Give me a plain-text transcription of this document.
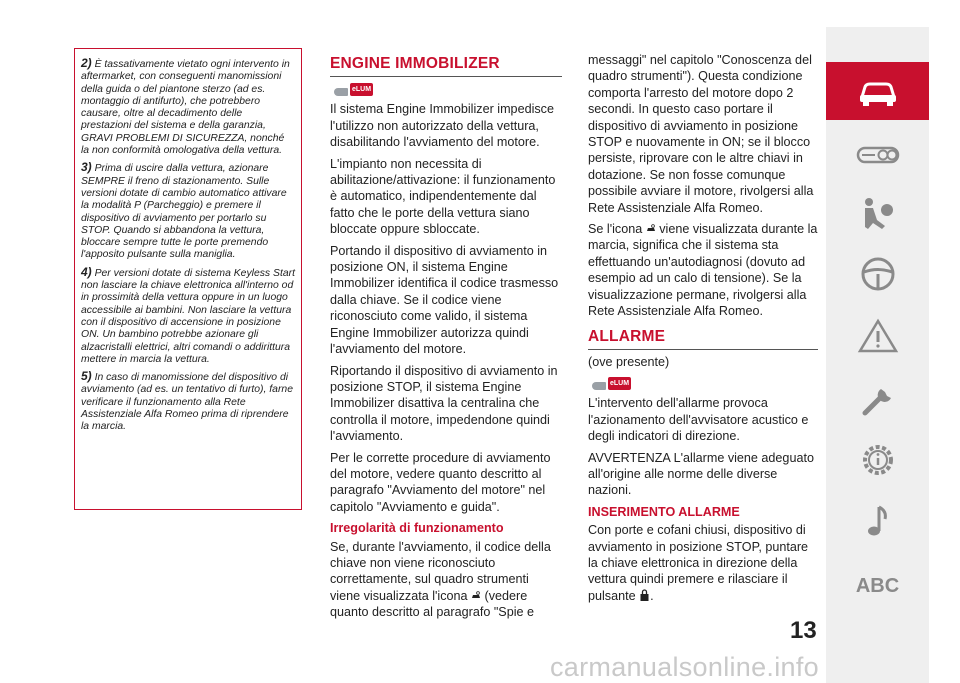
2) È tassativamente vietato ogni intervento in aftermarket, con conseguenti manomissioni della guida o del piantone sterzo (ad es. montaggio di antifurto), che potrebbero causare, oltre al decadimento delle prestazioni del sistema e della garanzia, GRAVI PROBLEMI DI SICUREZZA, nonché la non conformità omologativa della vettura.

3) Prima di uscire dalla vettura, azionare SEMPRE il freno di stazionamento. Sulle versioni dotate di cambio automatico attivare la modalità P (Parcheggio) e premere il dispositivo di avviamento per portarlo su STOP. Quando si abbandona la vettura, bloccare sempre tutte le porte premendo l'apposito pulsante sulla maniglia.

4) Per versioni dotate di sistema Keyless Start non lasciare la chiave elettronica all'interno od in prossimità della vettura oppure in un luogo accessibile ai bambini. Non lasciare la vettura con il dispositivo di accensione in posizione ON. Un bambino potrebbe azionare gli alzacristalli elettrici, altri comandi o addirittura mettere in marcia la vettura.

5) In caso di manomissione del dispositivo di avviamento (ad es. un tentativo di furto), farne verificare il funzionamento alla Rete Assistenziale Alfa Romeo prima di riprendere la marcia.

ENGINE IMMOBILIZER
eLUM

Il sistema Engine Immobilizer impedisce l'utilizzo non autorizzato della vettura, disabilitando l'avviamento del motore.

L'impianto non necessita di abilitazione/attivazione: il funzionamento è automatico, indipendentemente dal fatto che le porte della vettura siano bloccate oppure sbloccate.

Portando il dispositivo di avviamento in posizione ON, il sistema Engine Immobilizer identifica il codice trasmesso dalla chiave. Se il codice viene riconosciuto come valido, il sistema Engine Immobilizer autorizza quindi l'avviamento del motore.

Riportando il dispositivo di avviamento in posizione STOP, il sistema Engine Immobilizer disattiva la centralina che controlla il motore, impedendone quindi l'avviamento.

Per le corrette procedure di avviamento del motore, vedere quanto descritto al paragrafo "Avviamento del motore" nel capitolo "Avviamento e guida".

Irregolarità di funzionamento

Se, durante l'avviamento, il codice della chiave non viene riconosciuto correttamente, sul quadro strumenti viene visualizzata l'icona (vedere quanto descritto al paragrafo "Spie e

messaggi" nel capitolo "Conoscenza del quadro strumenti"). Questa condizione comporta l'arresto del motore dopo 2 secondi. In questo caso portare il dispositivo di avviamento in posizione STOP e nuovamente in ON; se il blocco persiste, riprovare con le altre chiavi in dotazione. Se non fosse comunque possibile avviare il motore, rivolgersi alla Rete Assistenziale Alfa Romeo.

Se l'icona viene visualizzata durante la marcia, significa che il sistema sta effettuando un'autodiagnosi (dovuto ad esempio ad un calo di tensione). Se la visualizzazione permane, rivolgersi alla Rete Assistenziale Alfa Romeo.

ALLARME

(ove presente)

eLUM

L'intervento dell'allarme provoca l'azionamento dell'avvisatore acustico e degli indicatori di direzione.

AVVERTENZA L'allarme viene adeguato all'origine alle norme delle diverse nazioni.

INSERIMENTO ALLARME

Con porte e cofani chiusi, dispositivo di avviamento in posizione STOP, puntare la chiave elettronica in direzione della vettura quindi premere e rilasciare il pulsante .	ABC
13
carmanualsonline.info
